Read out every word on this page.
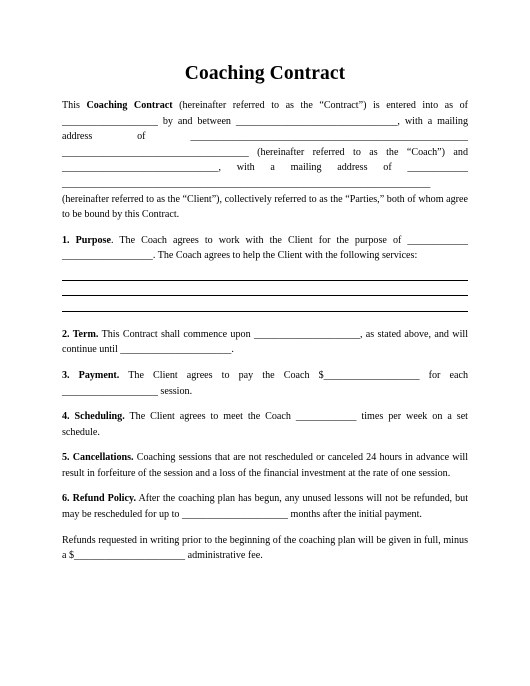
Coaching Contract

This Coaching Contract (hereinafter referred to as the “Contract”) is entered into as of ___________________ by and between ________________________________, with a mailing address of _______________________________________________________ _____________________________________ (hereinafter referred to as the “Coach”) and _______________________________, with a mailing address of ____________ _________________________________________________________________________ (hereinafter referred to as the “Client”), collectively referred to as the “Parties,” both of whom agree to be bound by this Contract.

1. Purpose. The Coach agrees to work with the Client for the purpose of ____________ __________________. The Coach agrees to help the Client with the following services:

2. Term. This Contract shall commence upon _____________________, as stated above, and will continue until ______________________.

3. Payment. The Client agrees to pay the Coach $___________________ for each ___________________ session.

4. Scheduling. The Client agrees to meet the Coach ____________ times per week on a set schedule.

5. Cancellations. Coaching sessions that are not rescheduled or canceled 24 hours in advance will result in forfeiture of the session and a loss of the financial investment at the rate of one session.

6. Refund Policy. After the coaching plan has begun, any unused lessons will not be refunded, but may be rescheduled for up to _____________________ months after the initial payment.

Refunds requested in writing prior to the beginning of the coaching plan will be given in full, minus a $______________________ administrative fee.
